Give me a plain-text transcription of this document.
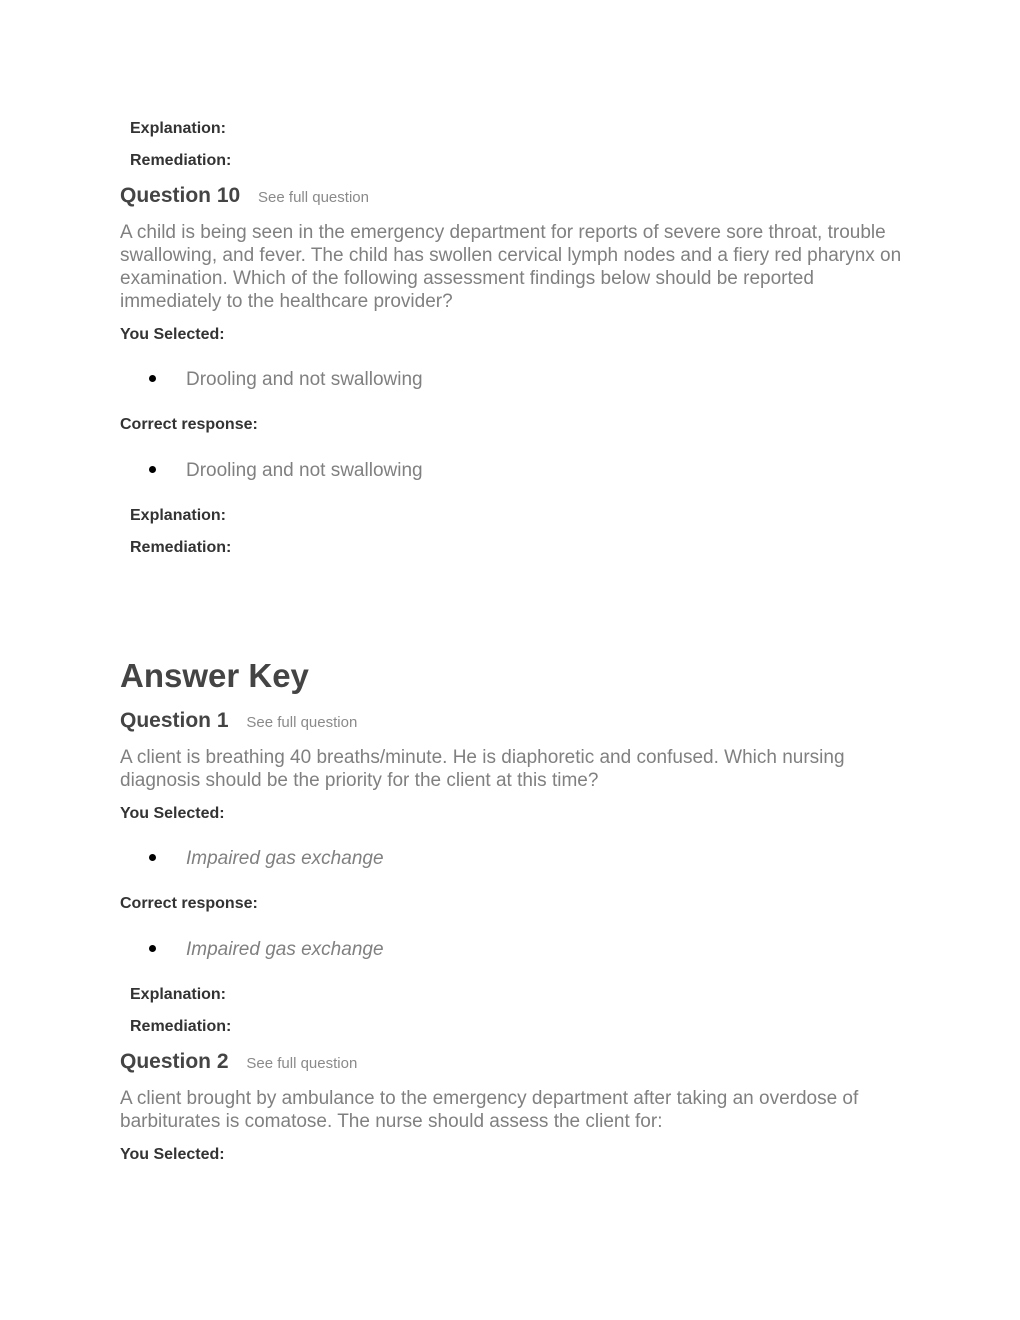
Explanation:
Remediation:
Question 10 See full question
A child is being seen in the emergency department for reports of severe sore throat, trouble swallowing, and fever. The child has swollen cervical lymph nodes and a fiery red pharynx on examination. Which of the following assessment findings below should be reported immediately to the healthcare provider?
You Selected:
Drooling and not swallowing
Correct response:
Drooling and not swallowing
Explanation:
Remediation:
Answer Key
Question 1 See full question
A client is breathing 40 breaths/minute. He is diaphoretic and confused. Which nursing diagnosis should be the priority for the client at this time?
You Selected:
Impaired gas exchange
Correct response:
Impaired gas exchange
Explanation:
Remediation:
Question 2 See full question
A client brought by ambulance to the emergency department after taking an overdose of barbiturates is comatose. The nurse should assess the client for:
You Selected:
